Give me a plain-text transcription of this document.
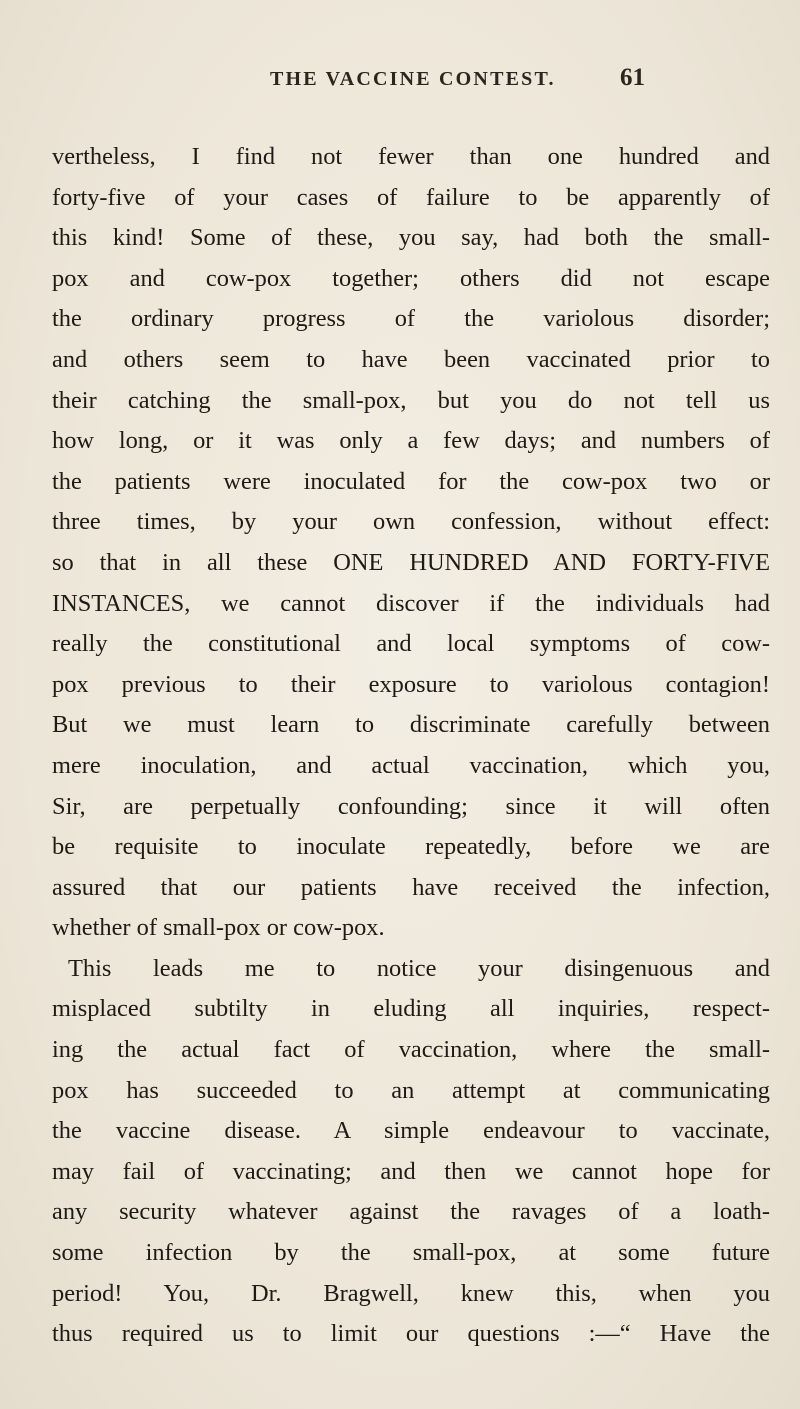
THE VACCINE CONTEST.	61
vertheless, I find not fewer than one hundred and
forty-five of your cases of failure to be apparently of
this kind! Some of these, you say, had both the small-
pox and cow-pox together; others did not escape
the ordinary progress of the variolous disorder;
and others seem to have been vaccinated prior to
their catching the small-pox, but you do not tell us
how long, or it was only a few days; and numbers of
the patients were inoculated for the cow-pox two or
three times, by your own confession, without effect:
so that in all these ONE HUNDRED AND FORTY-FIVE
INSTANCES, we cannot discover if the individuals had
really the constitutional and local symptoms of cow-
pox previous to their exposure to variolous contagion!
But we must learn to discriminate carefully between
mere inoculation, and actual vaccination, which you,
Sir, are perpetually confounding; since it will often
be requisite to inoculate repeatedly, before we are
assured that our patients have received the infection,
whether of small-pox or cow-pox.
This leads me to notice your disingenuous and
misplaced subtilty in eluding all inquiries, respect-
ing the actual fact of vaccination, where the small-
pox has succeeded to an attempt at communicating
the vaccine disease. A simple endeavour to vaccinate,
may fail of vaccinating; and then we cannot hope for
any security whatever against the ravages of a loath-
some infection by the small-pox, at some future
period! You, Dr. Bragwell, knew this, when you
thus required us to limit our questions :—“ Have the
